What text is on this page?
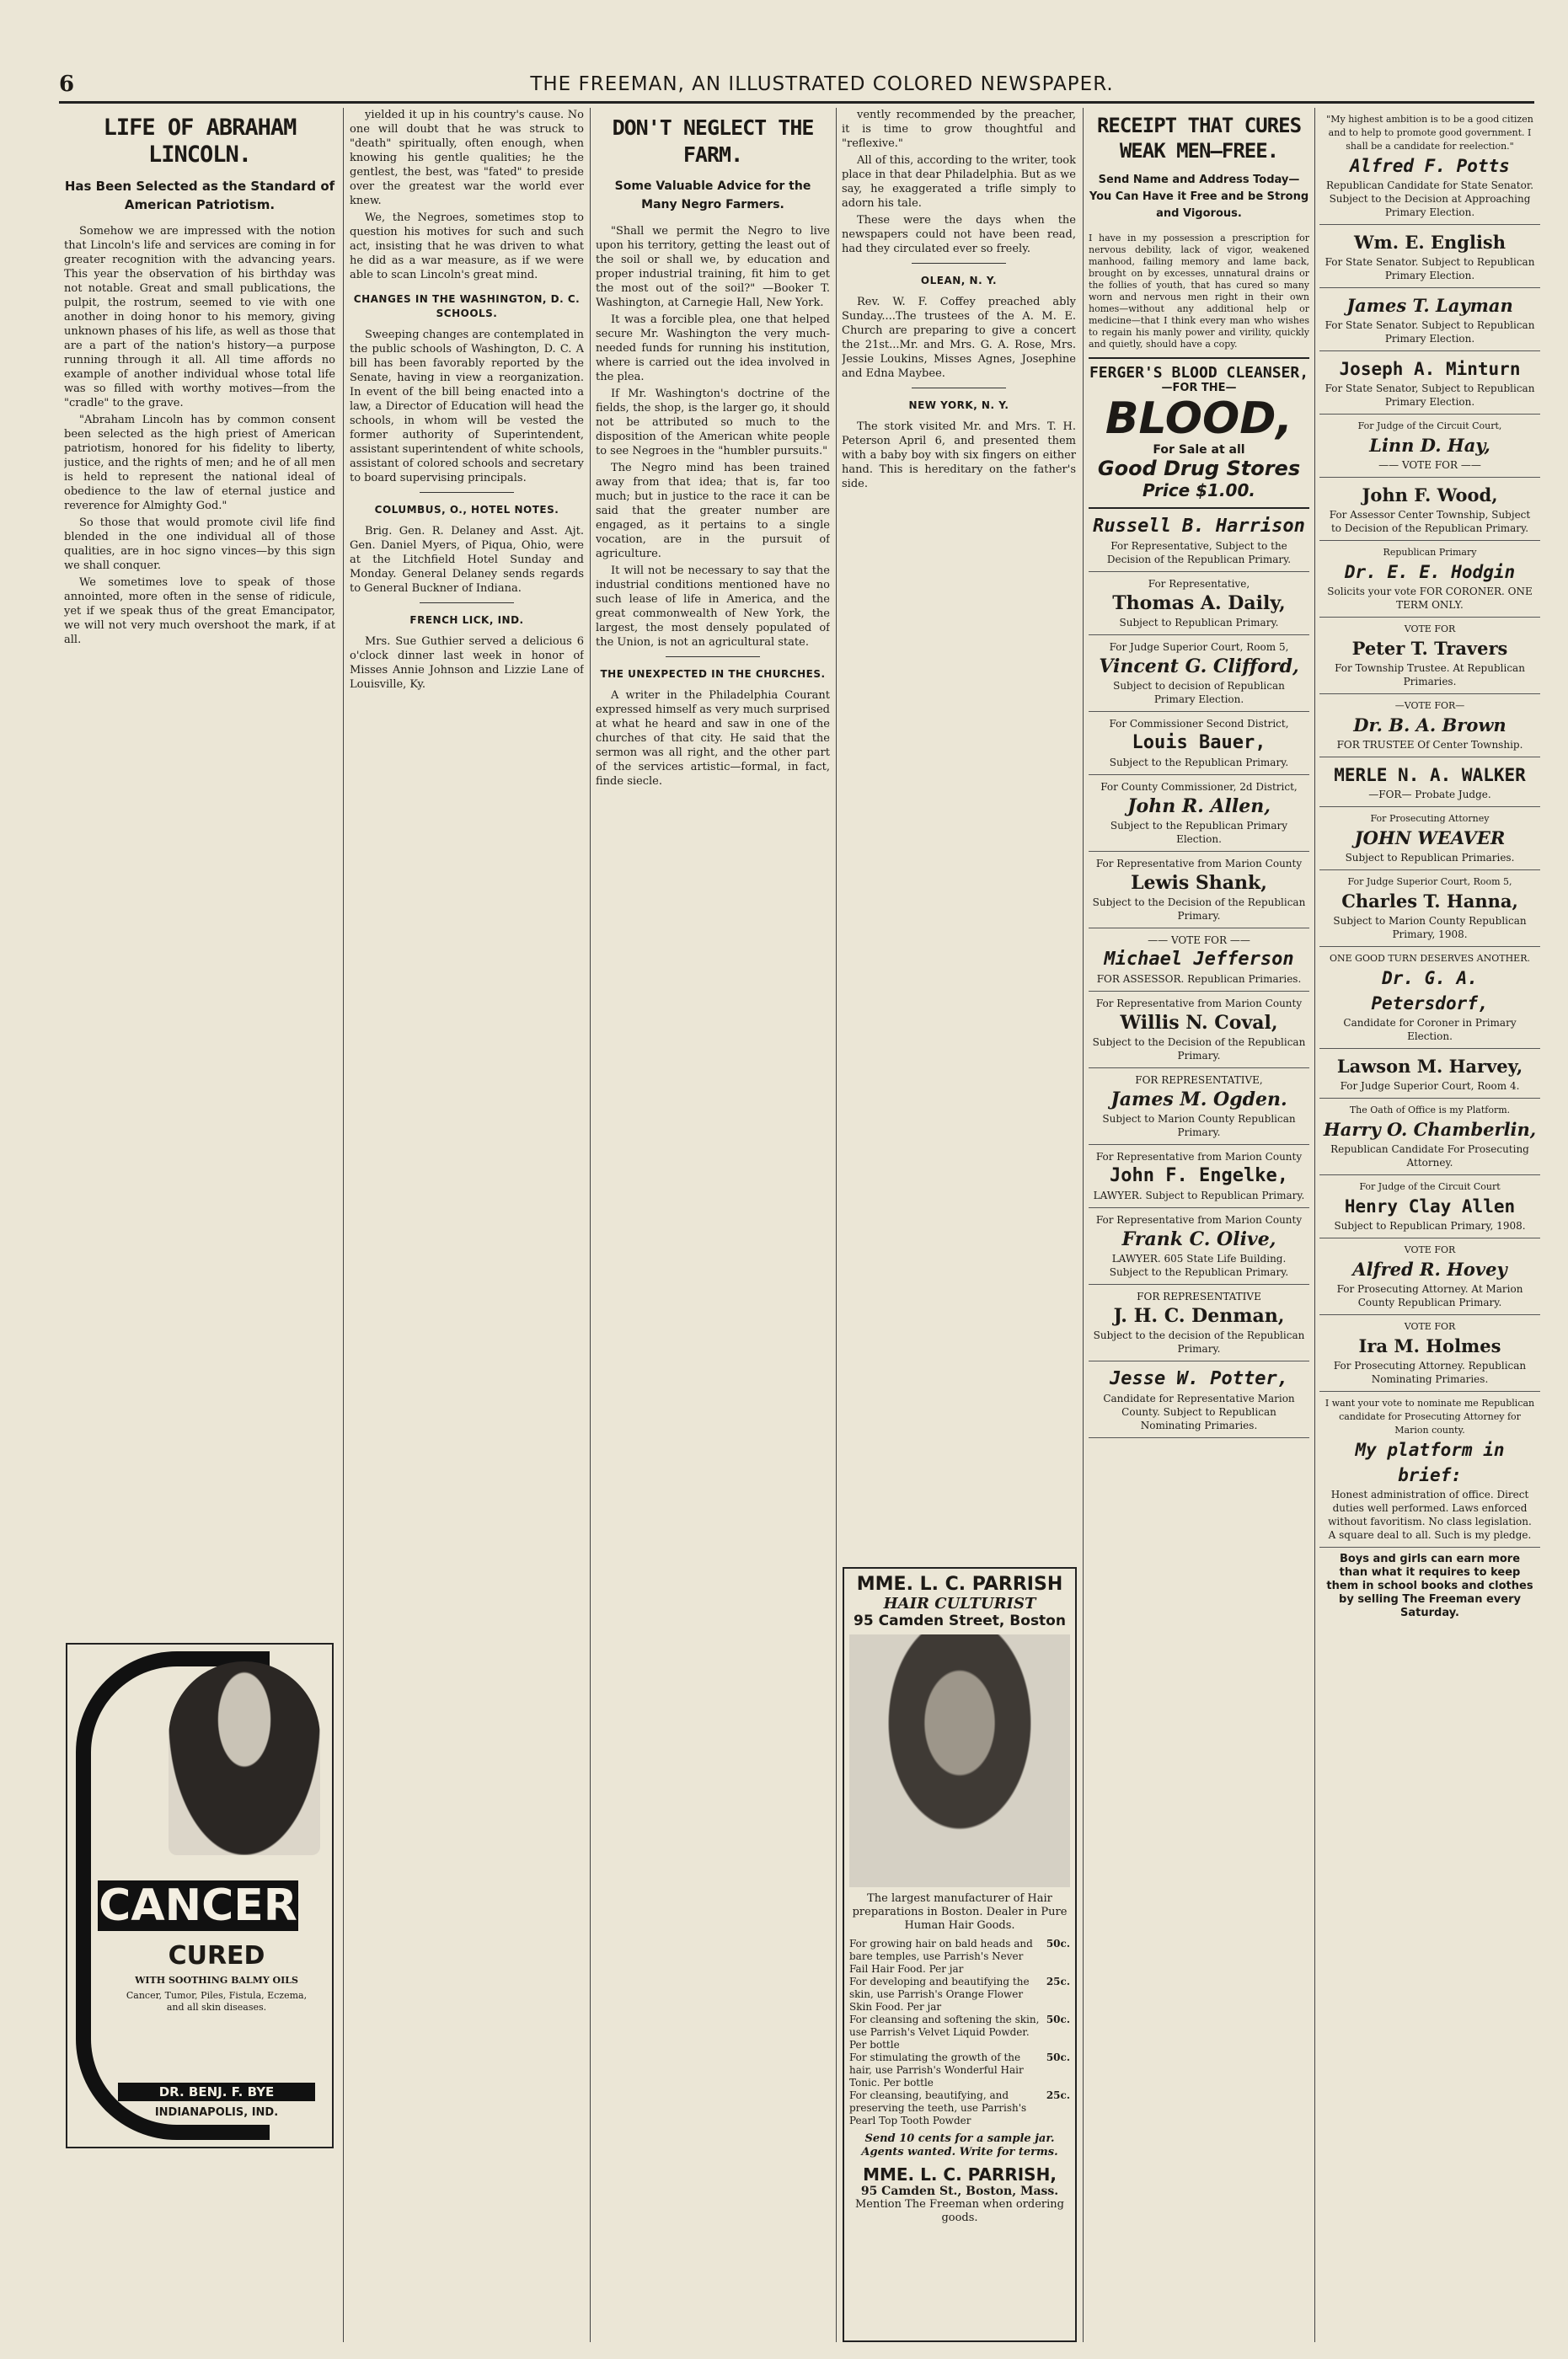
6	THE FREEMAN, AN ILLUSTRATED COLORED NEWSPAPER.
LIFE OF ABRAHAM LINCOLN.
Has Been Selected as the Standard of American Patriotism.

Somehow we are impressed with the notion that Lincoln's life and services are coming in for greater recognition with the advancing years. This year the observation of his birthday was not notable. Great and small publications, the pulpit, the rostrum, seemed to vie with one another in doing honor to his memory, giving unknown phases of his life, as well as those that are a part of the nation's history—a purpose running through it all. All time affords no example of another individual whose total life was so filled with worthy motives—from the "cradle" to the grave.

"Abraham Lincoln has by common consent been selected as the high priest of American patriotism, honored for his fidelity to liberty, justice, and the rights of men; and he of all men is held to represent the national ideal of obedience to the law of eternal justice and reverence for Almighty God."

So those that would promote civil life find blended in the one individual all of those qualities, are in hoc signo vinces—by this sign we shall conquer.

We sometimes love to speak of those annointed, more often in the sense of ridicule, yet if we speak thus of the great Emancipator, we will not very much overshoot the mark, if at all.

CANCER
CURED
WITH SOOTHING BALMY OILS
Cancer, Tumor, Piles, Fistula, Eczema, and all skin diseases.
DR. BENJ. F. BYE
INDIANAPOLIS, IND.

yielded it up in his country's cause. No one will doubt that he was struck to "death" spiritually, often enough, when knowing his gentle qualities; he the gentlest, the best, was "fated" to preside over the greatest war the world ever knew.

We, the Negroes, sometimes stop to question his motives for such and such act, insisting that he was driven to what he did as a war measure, as if we were able to scan Lincoln's great mind.

CHANGES IN THE WASHINGTON, D. C. SCHOOLS.

Sweeping changes are contemplated in the public schools of Washington, D. C. A bill has been favorably reported by the Senate, having in view a reorganization. In event of the bill being enacted into a law, a Director of Education will head the schools, in whom will be vested the former authority of Superintendent, assistant superintendent of white schools, assistant of colored schools and secretary to board supervising principals.

COLUMBUS, O., HOTEL NOTES.

Brig. Gen. R. Delaney and Asst. Ajt. Gen. Daniel Myers, of Piqua, Ohio, were at the Litchfield Hotel Sunday and Monday. General Delaney sends regards to General Buckner of Indiana.

FRENCH LICK, IND.

Mrs. Sue Guthier served a delicious 6 o'clock dinner last week in honor of Misses Annie Johnson and Lizzie Lane of Louisville, Ky.

DON'T NEGLECT THE FARM.
Some Valuable Advice for the Many Negro Farmers.

"Shall we permit the Negro to live upon his territory, getting the least out of the soil or shall we, by education and proper industrial training, fit him to get the most out of the soil?" —Booker T. Washington, at Carnegie Hall, New York.

It was a forcible plea, one that helped secure Mr. Washington the very much-needed funds for running his institution, where is carried out the idea involved in the plea.

If Mr. Washington's doctrine of the fields, the shop, is the larger go, it should not be attributed so much to the disposition of the American white people to see Negroes in the "humbler pursuits."

The Negro mind has been trained away from that idea; that is, far too much; but in justice to the race it can be said that the greater number are engaged, as it pertains to a single vocation, are in the pursuit of agriculture.

It will not be necessary to say that the industrial conditions mentioned have no such lease of life in America, and the great commonwealth of New York, the largest, the most densely populated of the Union, is not an agricultural state.

THE UNEXPECTED IN THE CHURCHES.

A writer in the Philadelphia Courant expressed himself as very much surprised at what he heard and saw in one of the churches of that city. He said that the sermon was all right, and the other part of the services artistic—formal, in fact, finde siecle.

vently recommended by the preacher, it is time to grow thoughtful and "reflexive."

All of this, according to the writer, took place in that dear Philadelphia. But as we say, he exaggerated a trifle simply to adorn his tale.

These were the days when the newspapers could not have been read, had they circulated ever so freely.

OLEAN, N. Y.

Rev. W. F. Coffey preached ably Sunday....The trustees of the A. M. E. Church are preparing to give a concert the 21st...Mr. and Mrs. G. A. Rose, Mrs. Jessie Loukins, Misses Agnes, Josephine and Edna Maybee.

NEW YORK, N. Y.

The stork visited Mr. and Mrs. T. H. Peterson April 6, and presented them with a baby boy with six fingers on either hand. This is hereditary on the father's side.

MME. L. C. PARRISH
HAIR CULTURIST
95 Camden Street, Boston
The largest manufacturer of Hair preparations in Boston. Dealer in Pure Human Hair Goods.
For growing hair on bald heads and bare temples, use Parrish's Never Fail Hair Food. Per jar
50c.
For developing and beautifying the skin, use Parrish's Orange Flower Skin Food. Per jar
25c.
For cleansing and softening the skin, use Parrish's Velvet Liquid Powder. Per bottle
50c.
For stimulating the growth of the hair, use Parrish's Wonderful Hair Tonic. Per bottle
50c.
For cleansing, beautifying, and preserving the teeth, use Parrish's Pearl Top Tooth Powder
25c.
Send 10 cents for a sample jar. Agents wanted. Write for terms.
MME. L. C. PARRISH,
95 Camden St., Boston, Mass.
Mention The Freeman when ordering goods.
RECEIPT THAT CURES WEAK MEN—FREE.
Send Name and Address Today—You Can Have it Free and be Strong and Vigorous.

I have in my possession a prescription for nervous debility, lack of vigor, weakened manhood, failing memory and lame back, brought on by excesses, unnatural drains or the follies of youth, that has cured so many worn and nervous men right in their own homes—without any additional help or medicine—that I think every man who wishes to regain his manly power and virility, quickly and quietly, should have a copy.

FERGER'S BLOOD CLEANSER,
—FOR THE—
BLOOD,
For Sale at all
Good Drug Stores
Price $1.00.
Russell B. Harrison
For Representative, Subject to the Decision of the Republican Primary.
For Representative,
Thomas A. Daily,
Subject to Republican Primary.
For Judge Superior Court, Room 5,
Vincent G. Clifford,
Subject to decision of Republican Primary Election.
For Commissioner Second District,
Louis Bauer,
Subject to the Republican Primary.
For County Commissioner, 2d District,
John R. Allen,
Subject to the Republican Primary Election.
For Representative from Marion County
Lewis Shank,
Subject to the Decision of the Republican Primary.
—— VOTE FOR ——
Michael Jefferson
FOR ASSESSOR. Republican Primaries.
For Representative from Marion County
Willis N. Coval,
Subject to the Decision of the Republican Primary.
FOR REPRESENTATIVE,
James M. Ogden.
Subject to Marion County Republican Primary.
For Representative from Marion County
John F. Engelke,
LAWYER. Subject to Republican Primary.
For Representative from Marion County
Frank C. Olive,
LAWYER. 605 State Life Building. Subject to the Republican Primary.
FOR REPRESENTATIVE
J. H. C. Denman,
Subject to the decision of the Republican Primary.
Jesse W. Potter,
Candidate for Representative Marion County. Subject to Republican Nominating Primaries.
"My highest ambition is to be a good citizen and to help to promote good government. I shall be a candidate for reelection."
Alfred F. Potts
Republican Candidate for State Senator. Subject to the Decision at Approaching Primary Election.
Wm. E. English
For State Senator. Subject to Republican Primary Election.
James T. Layman
For State Senator. Subject to Republican Primary Election.
Joseph A. Minturn
For State Senator, Subject to Republican Primary Election.
For Judge of the Circuit Court,
Linn D. Hay,
—— VOTE FOR ——
John F. Wood,
For Assessor Center Township, Subject to Decision of the Republican Primary.
Republican Primary
Dr. E. E. Hodgin
Solicits your vote FOR CORONER. ONE TERM ONLY.
VOTE FOR
Peter T. Travers
For Township Trustee. At Republican Primaries.
—VOTE FOR—
Dr. B. A. Brown
FOR TRUSTEE Of Center Township.
MERLE N. A. WALKER
—FOR— Probate Judge.
For Prosecuting Attorney
JOHN WEAVER
Subject to Republican Primaries.
For Judge Superior Court, Room 5,
Charles T. Hanna,
Subject to Marion County Republican Primary, 1908.
ONE GOOD TURN DESERVES ANOTHER.
Dr. G. A. Petersdorf,
Candidate for Coroner in Primary Election.
Lawson M. Harvey,
For Judge Superior Court, Room 4.
The Oath of Office is my Platform.
Harry O. Chamberlin,
Republican Candidate For Prosecuting Attorney.
For Judge of the Circuit Court
Henry Clay Allen
Subject to Republican Primary, 1908.
VOTE FOR
Alfred R. Hovey
For Prosecuting Attorney. At Marion County Republican Primary.
VOTE FOR
Ira M. Holmes
For Prosecuting Attorney. Republican Nominating Primaries.
I want your vote to nominate me Republican candidate for Prosecuting Attorney for Marion county.
My platform in brief:
Honest administration of office. Direct duties well performed. Laws enforced without favoritism. No class legislation. A square deal to all. Such is my pledge.
Boys and girls can earn more than what it requires to keep them in school books and clothes by selling The Freeman every Saturday.
